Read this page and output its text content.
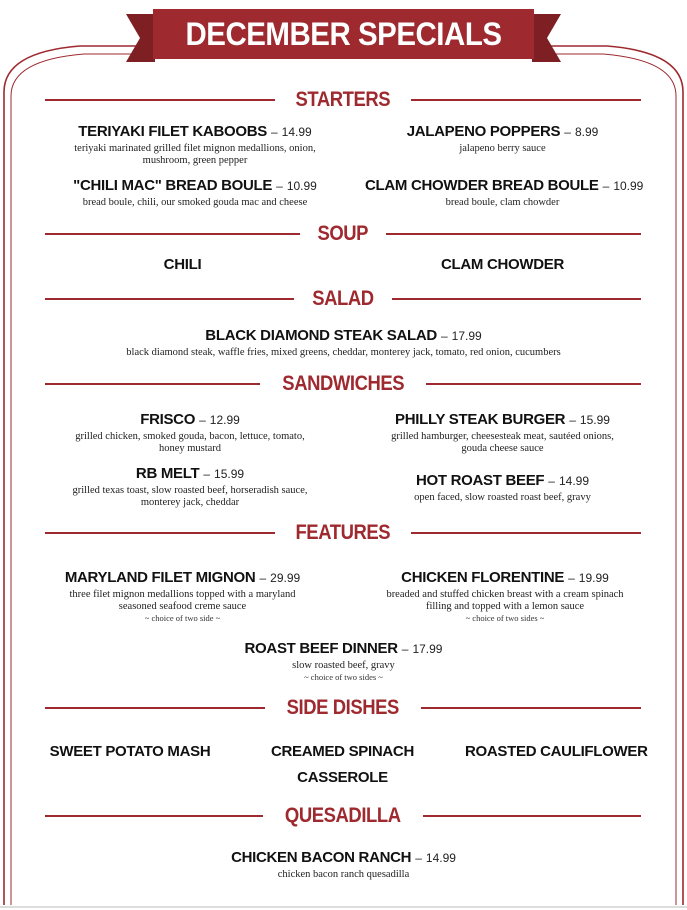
DECEMBER SPECIALS
STARTERS
TERIYAKI FILET KABOOBS – 14.99
teriyaki marinated grilled filet mignon medallions, onion,
mushroom, green pepper
JALAPENO POPPERS – 8.99
jalapeno berry sauce
"CHILI MAC" BREAD BOULE – 10.99
bread boule, chili, our smoked gouda mac and cheese
CLAM CHOWDER BREAD BOULE – 10.99
bread boule, clam chowder
SOUP
CHILI	CLAM CHOWDER
SALAD
BLACK DIAMOND STEAK SALAD – 17.99
black diamond steak, waffle fries, mixed greens, cheddar, monterey jack, tomato, red onion, cucumbers
SANDWICHES
FRISCO – 12.99
grilled chicken, smoked gouda, bacon, lettuce, tomato,
honey mustard
PHILLY STEAK BURGER – 15.99
grilled hamburger, cheesesteak meat, sautéed onions,
gouda cheese sauce
RB MELT – 15.99
grilled texas toast, slow roasted beef, horseradish sauce,
monterey jack, cheddar
HOT ROAST BEEF – 14.99
open faced, slow roasted roast beef, gravy
FEATURES
MARYLAND FILET MIGNON – 29.99
three filet mignon medallions topped with a maryland
seasoned seafood creme sauce
~ choice of two side ~
CHICKEN FLORENTINE – 19.99
breaded and stuffed chicken breast with a cream spinach
filling and topped with a lemon sauce
~ choice of two sides ~
ROAST BEEF DINNER – 17.99
slow roasted beef, gravy
~ choice of two sides ~
SIDE DISHES
SWEET POTATO MASH	CREAMED SPINACH
CASSEROLE
ROASTED CAULIFLOWER
QUESADILLA
CHICKEN BACON RANCH – 14.99
chicken bacon ranch quesadilla
